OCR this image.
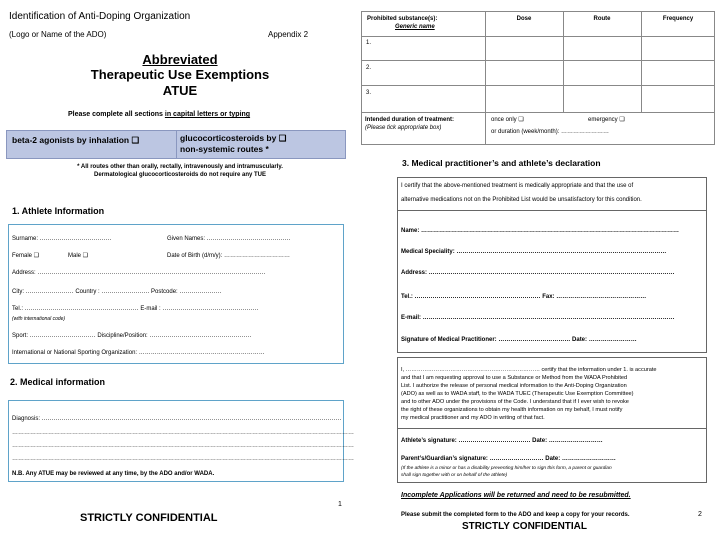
Identification of Anti-Doping Organization
(Logo or Name of the ADO)	Appendix 2
Abbreviated
Therapeutic Use Exemptions
ATUE
Please complete all sections in capital letters or typing
beta-2 agonists by inhalation ❑	glucocorticosteroids by ❑
non-systemic routes *
* All routes other than orally, rectally, intravenously and intramuscularly.
Dermatological glucocorticosteroids do not require any TUE
1. Athlete Information
Surname: ………………………………	Given Names: ……………………………………
Female ❑	Male ❑	Date of Birth (d/m/y): ……………………………
Address: ……………………………………………………………………………………………………
City: …………………… Country : …………………… Postcode: …………………
Tel.: ………………………………………………… E-mail : …………………………………………
(with international code)
Sport: …………………………… Discipline/Position: ……………………………………………
International or National Sporting Organization: ………………………………………………………
2. Medical information
Diagnosis: ……………………………………………………………………………………………………………………………………
………………………………………………………………………………………………………………………………………………………
………………………………………………………………………………………………………………………………………………………
………………………………………………………………………………………………………………………………………………………
N.B. Any ATUE may be reviewed at any time, by the ADO and/or WADA.
1
STRICTLY CONFIDENTIAL
Prohibited substance(s):
Generic name
Dose	Route	Frequency
1.
2.
3.
Intended duration of treatment:
(Please tick appropriate box)
once only ❑	emergency ❑
or duration (week/month): ……………………
3. Medical practitioner’s and athlete’s declaration
I certify that the above-mentioned treatment is medically appropriate and that the use of
alternative medications not on the Prohibited List would be unsatisfactory for this condition.
Name: …………………………………………………………………………………………………………………
Medical Speciality: ……………………………………………………………………………………………
Address: ……………………………………………………………………………………………………………
Tel.: ……………………………………………………… Fax: ………………………………………
E-mail: ………………………………………………………………………………………………………………
Signature of Medical Practitioner: ……………………………… Date: ……………………
I, ……………………………………………………………… certify that the information under 1. is accurate
and that I am requesting approval to use a Substance or Method from the WADA Prohibited
List. I authorize the release of personal medical information to the Anti-Doping Organization
(ADO) as well as to WADA staff, to the WADA TUEC (Therapeutic Use Exemption Committee)
and to other ADO under the provisions of the Code. I understand that if I ever wish to revoke
the right of these organizations to obtain my health information on my behalf, I must notify
my medical practitioner and my ADO in writing of that fact.
Athlete’s signature: ……………………………… Date: ………………………
Parent’s/Guardian’s signature: ……………………… Date: ………………………
(If the athlete is a minor or has a disability preventing him/her to sign this form, a parent or guardian
shall sign together with or on behalf of the athlete)
Incomplete Applications will be returned and need to be resubmitted.
Please submit the completed form to the ADO and keep a copy for your records.	2
STRICTLY CONFIDENTIAL
